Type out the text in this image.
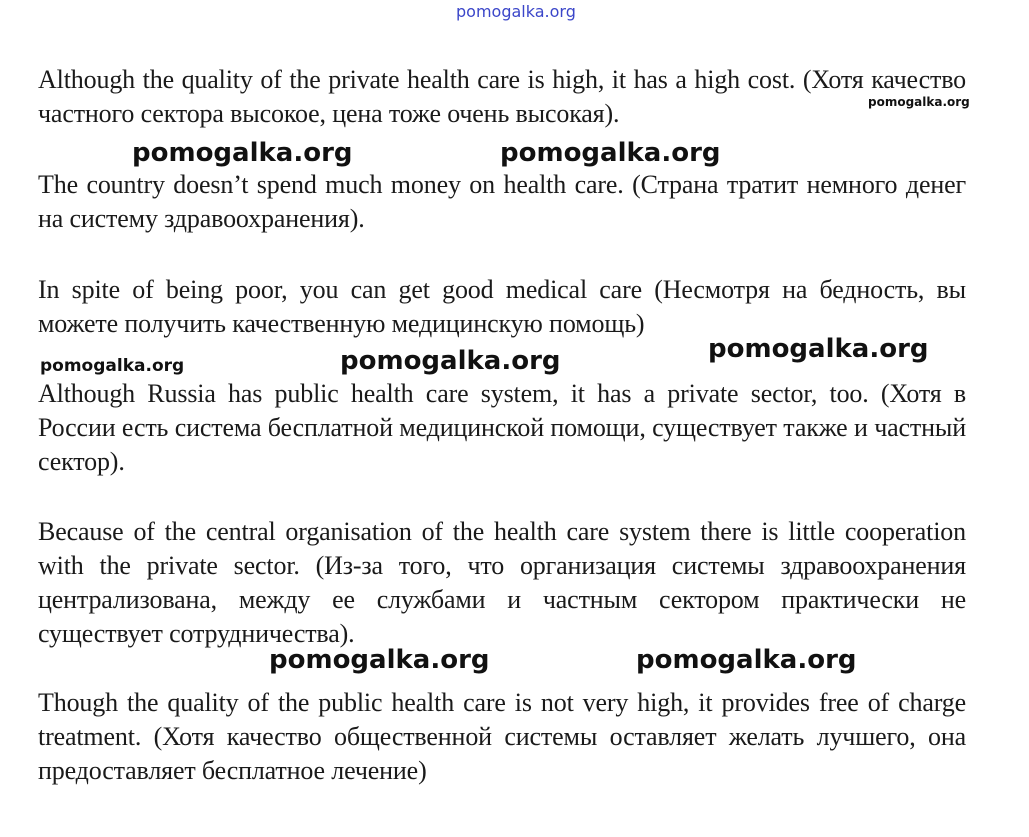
pomogalka.org
Although the quality of the private health care is high, it has a high cost. (Хотя качество частного сектора высокое, цена тоже очень высокая).	pomogalka.org
pomogalka.org	pomogalka.org
The country doesn’t spend much money on health care. (Страна тратит немного денег на систему здравоохранения).
In spite of being poor, you can get good medical care (Несмотря на бедность, вы можете получить качественную медицинскую помощь)
pomogalka.org	pomogalka.org	pomogalka.org
Although Russia has public health care system, it has a private sector, too. (Хотя в России есть система бесплатной медицинской помощи, существует также и частный сектор).
Because of the central organisation of the health care system there is little cooperation with the private sector. (Из-за того, что организация системы здравоохранения централизована, между ее службами и частным сектором практически не существует сотрудничества).
pomogalka.org	pomogalka.org
Though the quality of the public health care is not very high, it provides free of charge treatment. (Хотя качество общественной системы оставляет желать лучшего, она предоставляет бесплатное лечение)
